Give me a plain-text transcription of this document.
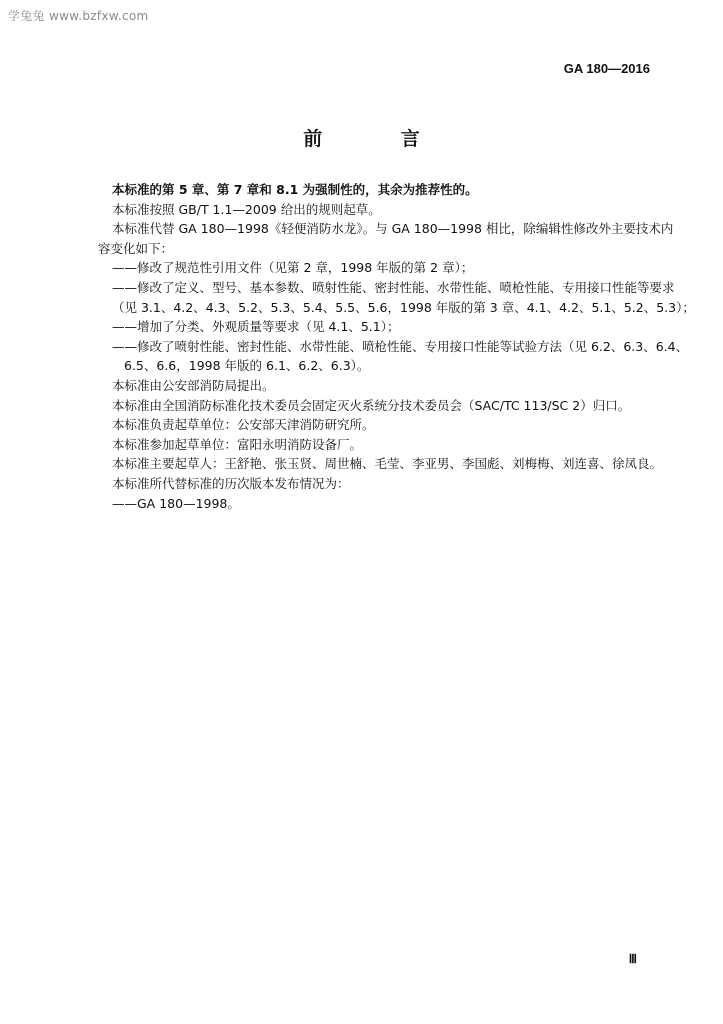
学兔兔 www.bzfxw.com
GA 180—2016
前 言
本标准的第 5 章、第 7 章和 8.1 为强制性的，其余为推荐性的。
本标准按照 GB/T 1.1—2009 给出的规则起草。
本标准代替 GA 180—1998《轻便消防水龙》。与 GA 180—1998 相比，除编辑性修改外主要技术内
容变化如下：
——修改了规范性引用文件（见第 2 章，1998 年版的第 2 章）；
——修改了定义、型号、基本参数、喷射性能、密封性能、水带性能、喷枪性能、专用接口性能等要求
（见 3.1、4.2、4.3、5.2、5.3、5.4、5.5、5.6，1998 年版的第 3 章、4.1、4.2、5.1、5.2、5.3）；
——增加了分类、外观质量等要求（见 4.1、5.1）；
——修改了喷射性能、密封性能、水带性能、喷枪性能、专用接口性能等试验方法（见 6.2、6.3、6.4、
6.5、6.6，1998 年版的 6.1、6.2、6.3）。
本标准由公安部消防局提出。
本标准由全国消防标准化技术委员会固定灭火系统分技术委员会（SAC/TC 113/SC 2）归口。
本标准负责起草单位：公安部天津消防研究所。
本标准参加起草单位：富阳永明消防设备厂。
本标准主要起草人：王舒艳、张玉贤、周世楠、毛莹、李亚男、李国彪、刘梅梅、刘连喜、徐凤良。
本标准所代替标准的历次版本发布情况为：
——GA 180—1998。
Ⅲ
